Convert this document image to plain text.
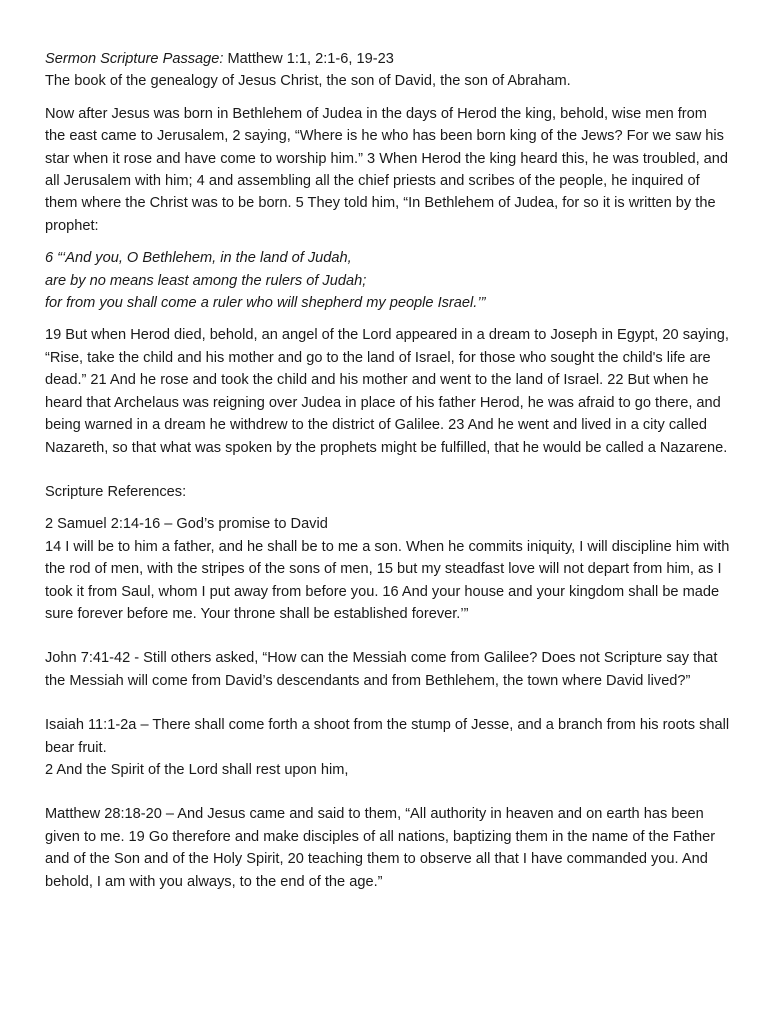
Sermon Scripture Passage: Matthew 1:1, 2:1-6, 19-23

The book of the genealogy of Jesus Christ, the son of David, the son of Abraham.

Now after Jesus was born in Bethlehem of Judea in the days of Herod the king, behold, wise men from the east came to Jerusalem, 2 saying, “Where is he who has been born king of the Jews? For we saw his star when it rose and have come to worship him.” 3 When Herod the king heard this, he was troubled, and all Jerusalem with him; 4 and assembling all the chief priests and scribes of the people, he inquired of them where the Christ was to be born. 5 They told him, “In Bethlehem of Judea, for so it is written by the prophet:

6 “‘And you, O Bethlehem, in the land of Judah,

are by no means least among the rulers of Judah;

for from you shall come a ruler who will shepherd my people Israel.’”

19 But when Herod died, behold, an angel of the Lord appeared in a dream to Joseph in Egypt, 20 saying, “Rise, take the child and his mother and go to the land of Israel, for those who sought the child's life are dead.” 21 And he rose and took the child and his mother and went to the land of Israel. 22 But when he heard that Archelaus was reigning over Judea in place of his father Herod, he was afraid to go there, and being warned in a dream he withdrew to the district of Galilee. 23 And he went and lived in a city called Nazareth, so that what was spoken by the prophets might be fulfilled, that he would be called a Nazarene.

Scripture References:

2 Samuel 2:14-16 – God’s promise to David

14 I will be to him a father, and he shall be to me a son. When he commits iniquity, I will discipline him with the rod of men, with the stripes of the sons of men, 15 but my steadfast love will not depart from him, as I took it from Saul, whom I put away from before you. 16 And your house and your kingdom shall be made sure forever before me. Your throne shall be established forever.’”

John 7:41-42 - Still others asked, “How can the Messiah come from Galilee? Does not Scripture say that the Messiah will come from David’s descendants and from Bethlehem, the town where David lived?”

Isaiah 11:1-2a – There shall come forth a shoot from the stump of Jesse, and a branch from his roots shall bear fruit.

2 And the Spirit of the Lord shall rest upon him,

Matthew 28:18-20 – And Jesus came and said to them, “All authority in heaven and on earth has been given to me. 19 Go therefore and make disciples of all nations, baptizing them in the name of the Father and of the Son and of the Holy Spirit, 20 teaching them to observe all that I have commanded you. And behold, I am with you always, to the end of the age.”
